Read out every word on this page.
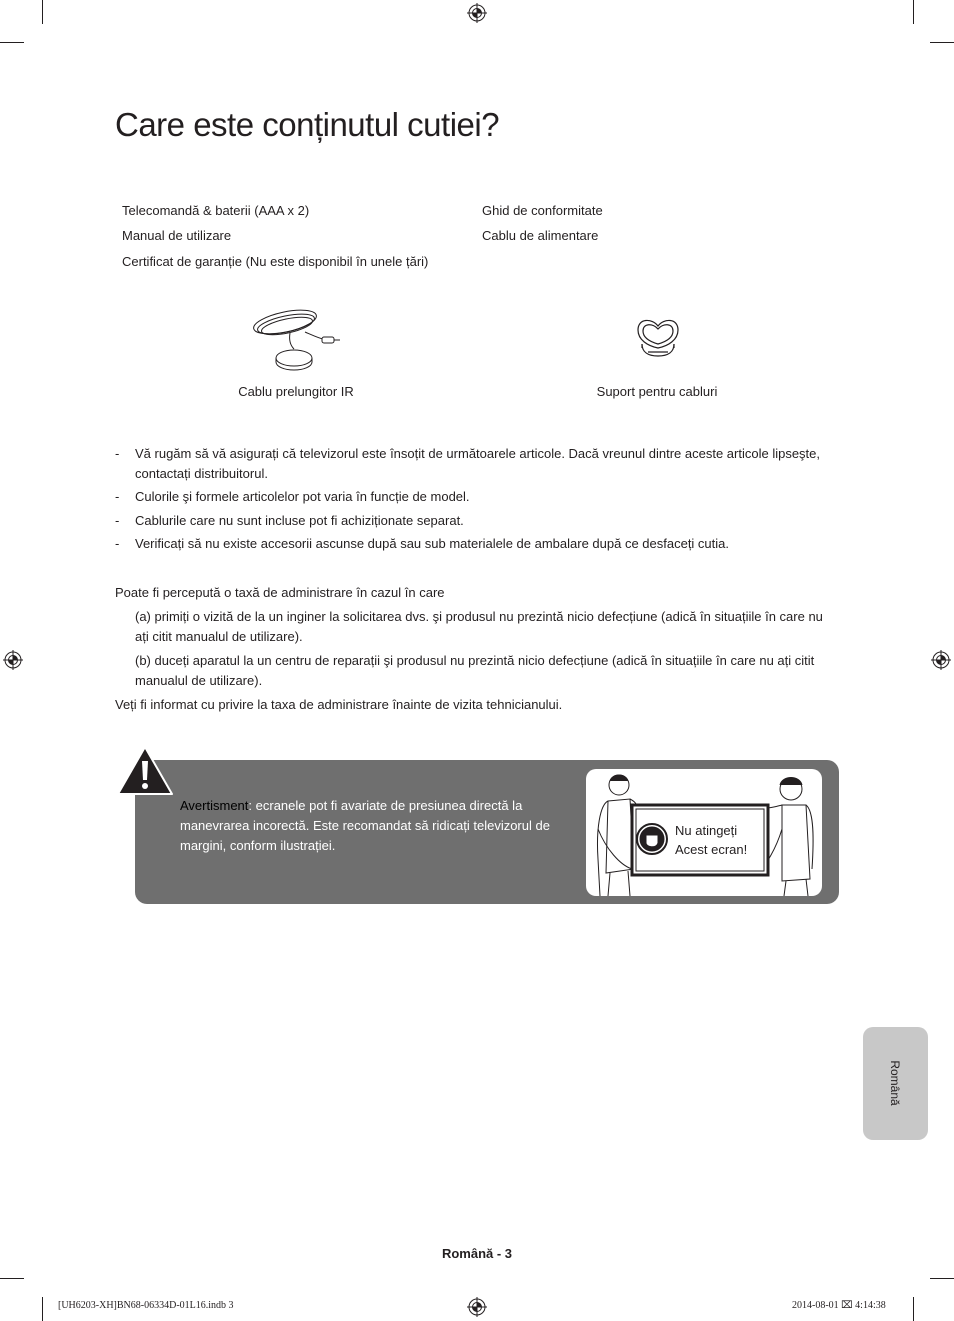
Care este conținutul cutiei?
Telecomandă & baterii (AAA x 2)
Manual de utilizare
Certificat de garanție (Nu este disponibil în unele țări)
Ghid de conformitate
Cablu de alimentare
Cablu prelungitor IR	Suport pentru cabluri
-	Vă rugăm să vă asigurați că televizorul este însoțit de următoarele articole. Dacă vreunul dintre aceste articole lipseşte, contactați distribuitorul.
-	Culorile şi formele articolelor pot varia în funcție de model.
-	Cablurile care nu sunt incluse pot fi achiziționate separat.
-	Verificați să nu existe accesorii ascunse după sau sub materialele de ambalare după ce desfaceți cutia.
Poate fi percepută o taxă de administrare în cazul în care
(a) primiți o vizită de la un inginer la solicitarea dvs. şi produsul nu prezintă nicio defecțiune (adică în situațiile în care nu ați citit manualul de utilizare).
(b) duceți aparatul la un centru de reparații şi produsul nu prezintă nicio defecțiune (adică în situațiile în care nu ați citit manualul de utilizare).
Veți fi informat cu privire la taxa de administrare înainte de vizita tehnicianului.
Avertisment: ecranele pot fi avariate de presiunea directă la manevrarea incorectă. Este recomandat să ridicați televizorul de margini, conform ilustrației.
Nu atingeți
Acest ecran!
Română
Română - 3
[UH6203-XH]BN68-06334D-01L16.indb 3	2014-08-01 ⌧ 4:14:38
